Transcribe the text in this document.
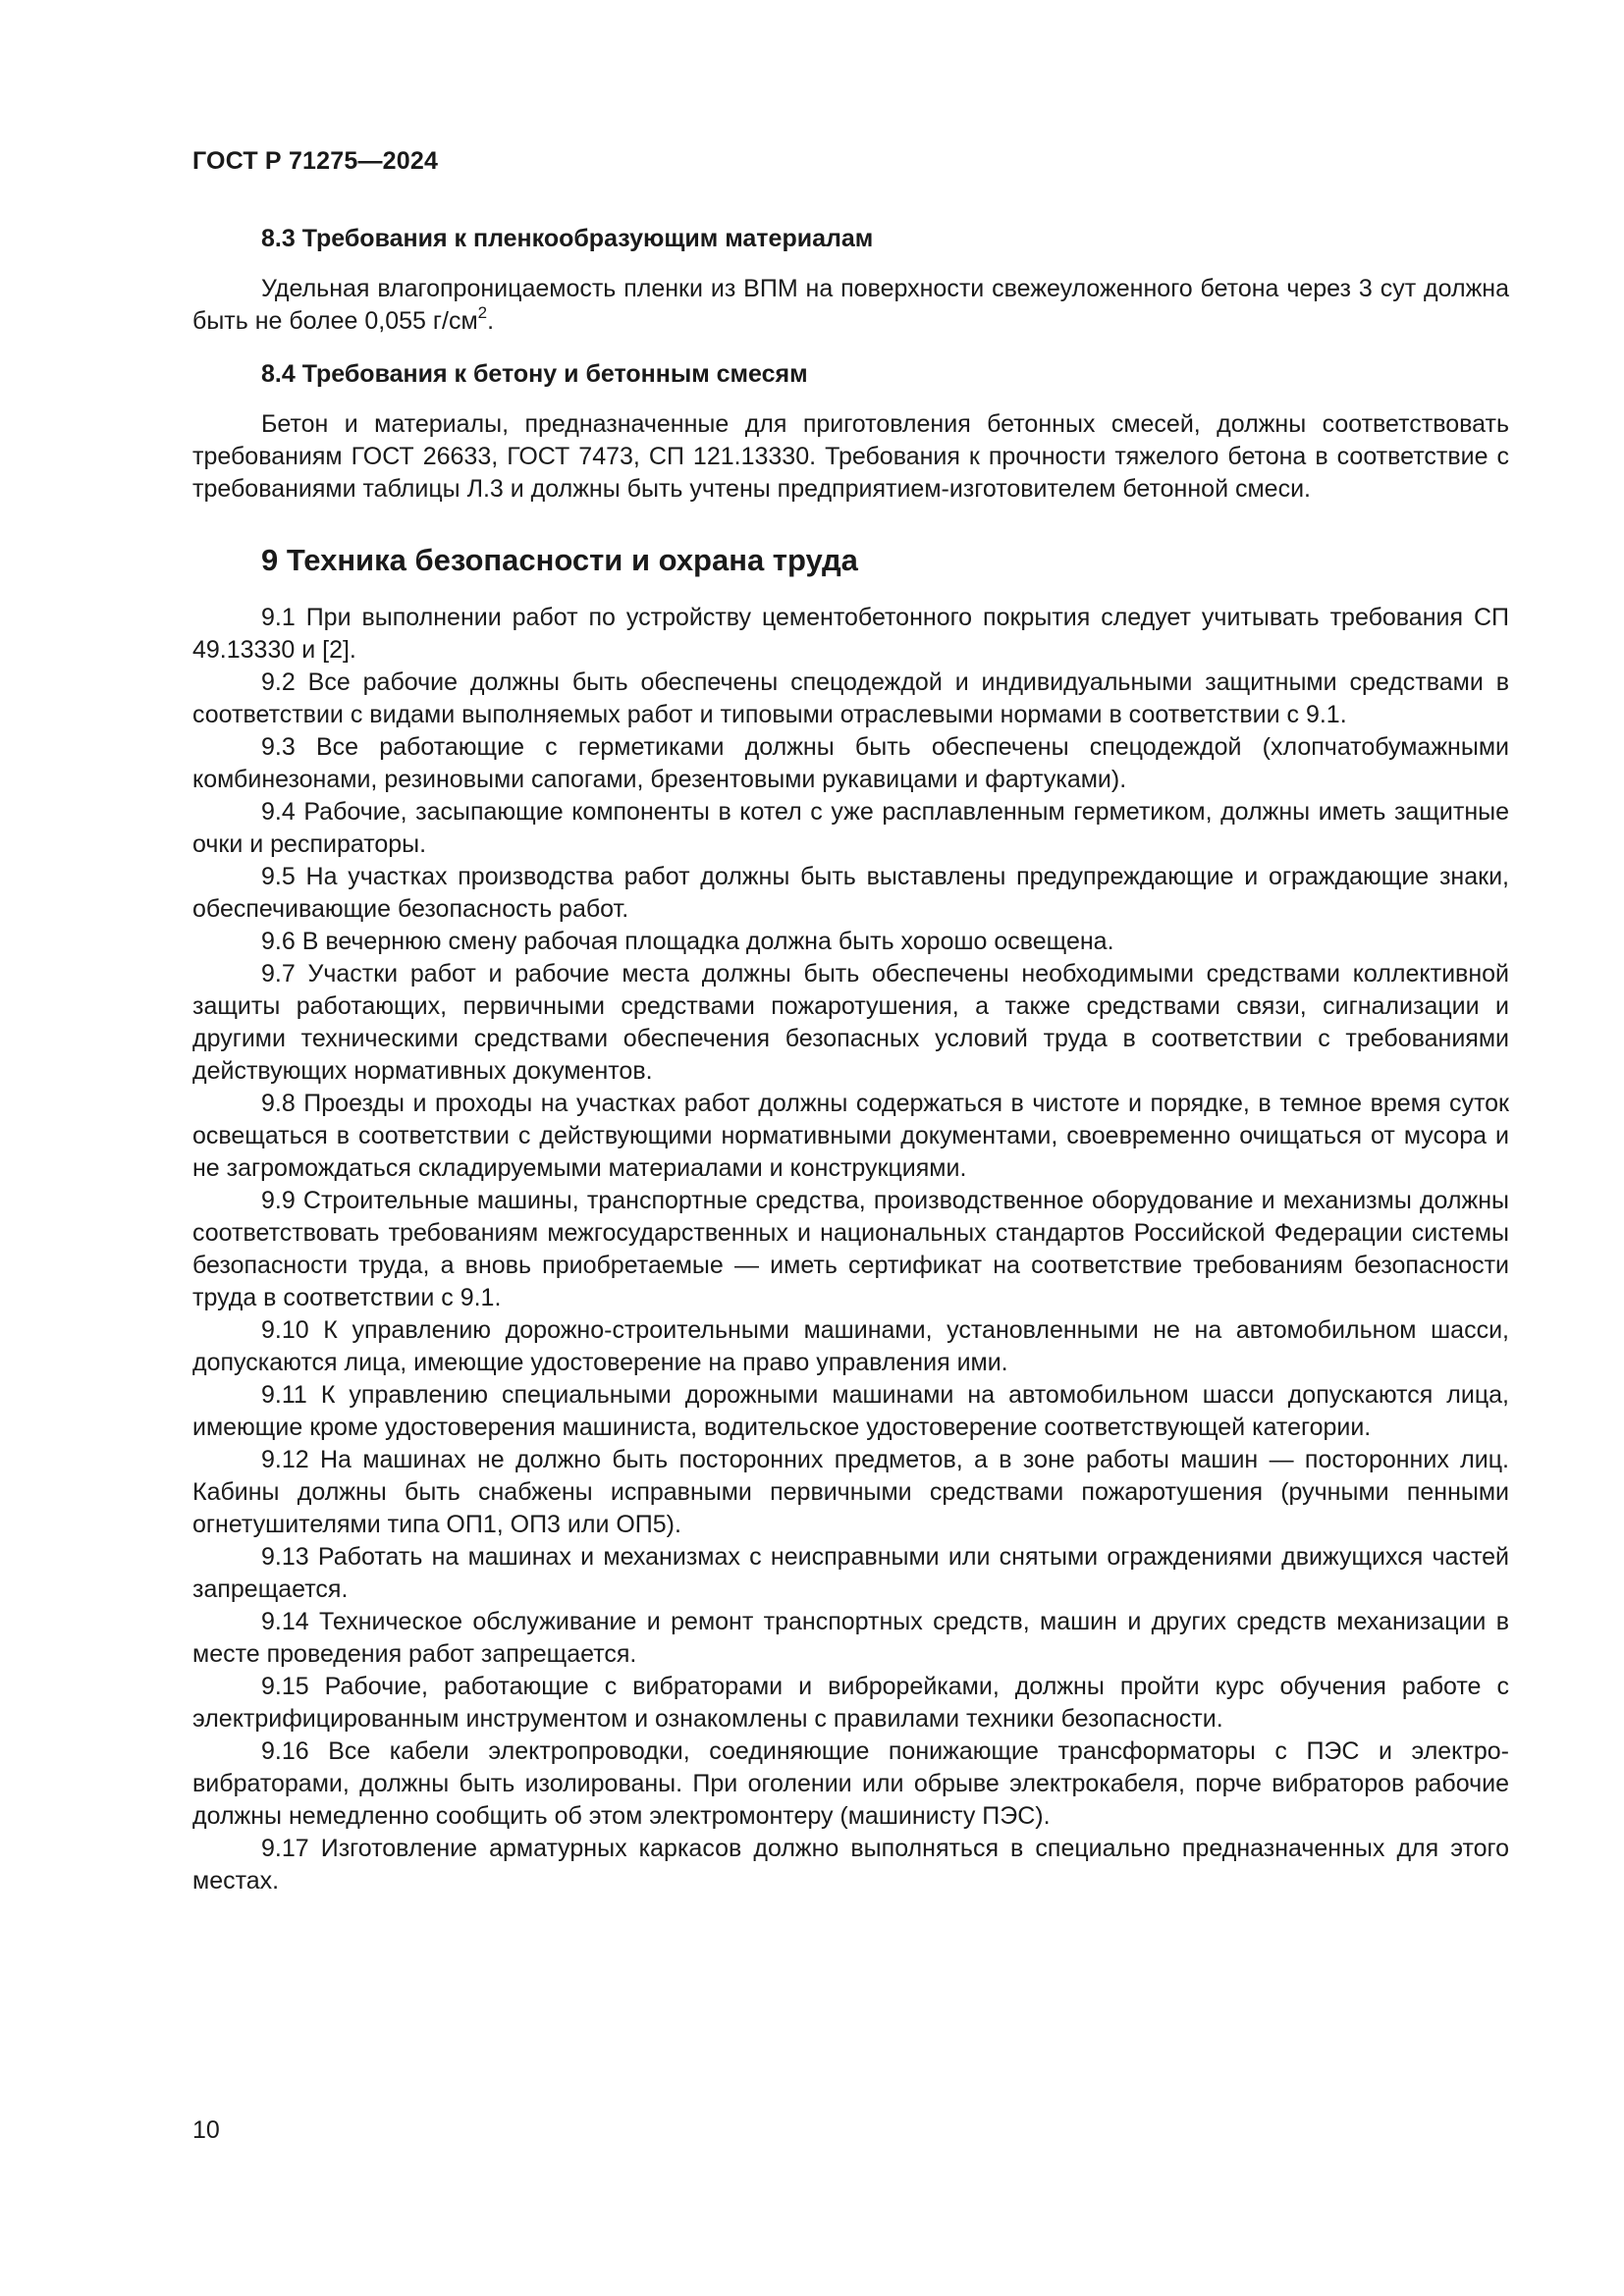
ГОСТ Р 71275—2024
8.3 Требования к пленкообразующим материалам

Удельная влагопроницаемость пленки из ВПМ на поверхности свежеуложенного бетона через 3 сут должна быть не более 0,055 $г/см^2$.

8.4 Требования к бетону и бетонным смесям

Бетон и материалы, предназначенные для приготовления бетонных смесей, должны соответствовать требованиям ГОСТ 26633, ГОСТ 7473, СП 121.13330. Требования к прочности тяжелого бетона в соответствие с требованиями таблицы Л.3 и должны быть учтены предприятием-изготовителем бетонной смеси.

9 Техника безопасности и охрана труда

9.1 При выполнении работ по устройству цементобетонного покрытия следует учитывать требования СП 49.13330 и [2].

9.2 Все рабочие должны быть обеспечены спецодеждой и индивидуальными защитными средствами в соответствии с видами выполняемых работ и типовыми отраслевыми нормами в соответствии с 9.1.

9.3 Все работающие с герметиками должны быть обеспечены спецодеждой (хлопчатобумажными комбинезонами, резиновыми сапогами, брезентовыми рукавицами и фартуками).

9.4 Рабочие, засыпающие компоненты в котел с уже расплавленным герметиком, должны иметь защитные очки и респираторы.

9.5 На участках производства работ должны быть выставлены предупреждающие и ограждающие знаки, обеспечивающие безопасность работ.

9.6 В вечернюю смену рабочая площадка должна быть хорошо освещена.

9.7 Участки работ и рабочие места должны быть обеспечены необходимыми средствами коллективной защиты работающих, первичными средствами пожаротушения, а также средствами связи, сигнализации и другими техническими средствами обеспечения безопасных условий труда в соответствии с требованиями действующих нормативных документов.

9.8 Проезды и проходы на участках работ должны содержаться в чистоте и порядке, в темное время суток освещаться в соответствии с действующими нормативными документами, своевременно очищаться от мусора и не загромождаться складируемыми материалами и конструкциями.

9.9 Строительные машины, транспортные средства, производственное оборудование и механизмы должны соответствовать требованиям межгосударственных и национальных стандартов Российской Федерации системы безопасности труда, а вновь приобретаемые — иметь сертификат на соответствие требованиям безопасности труда в соответствии с 9.1.

9.10 К управлению дорожно-строительными машинами, установленными не на автомобильном шасси, допускаются лица, имеющие удостоверение на право управления ими.

9.11 К управлению специальными дорожными машинами на автомобильном шасси допускаются лица, имеющие кроме удостоверения машиниста, водительское удостоверение соответствующей категории.

9.12 На машинах не должно быть посторонних предметов, а в зоне работы машин — посторонних лиц. Кабины должны быть снабжены исправными первичными средствами пожаротушения (ручными пенными огнетушителями типа ОП1, ОП3 или ОП5).

9.13 Работать на машинах и механизмах с неисправными или снятыми ограждениями движущихся частей запрещается.

9.14 Техническое обслуживание и ремонт транспортных средств, машин и других средств механизации в месте проведения работ запрещается.

9.15 Рабочие, работающие с вибраторами и виброрейками, должны пройти курс обучения работе с электрифицированным инструментом и ознакомлены с правилами техники безопасности.

9.16 Все кабели электропроводки, соединяющие понижающие трансформаторы с ПЭС и электровибраторами, должны быть изолированы. При оголении или обрыве электрокабеля, порче вибраторов рабочие должны немедленно сообщить об этом электромонтеру (машинисту ПЭС).

9.17 Изготовление арматурных каркасов должно выполняться в специально предназначенных для этого местах.

10
